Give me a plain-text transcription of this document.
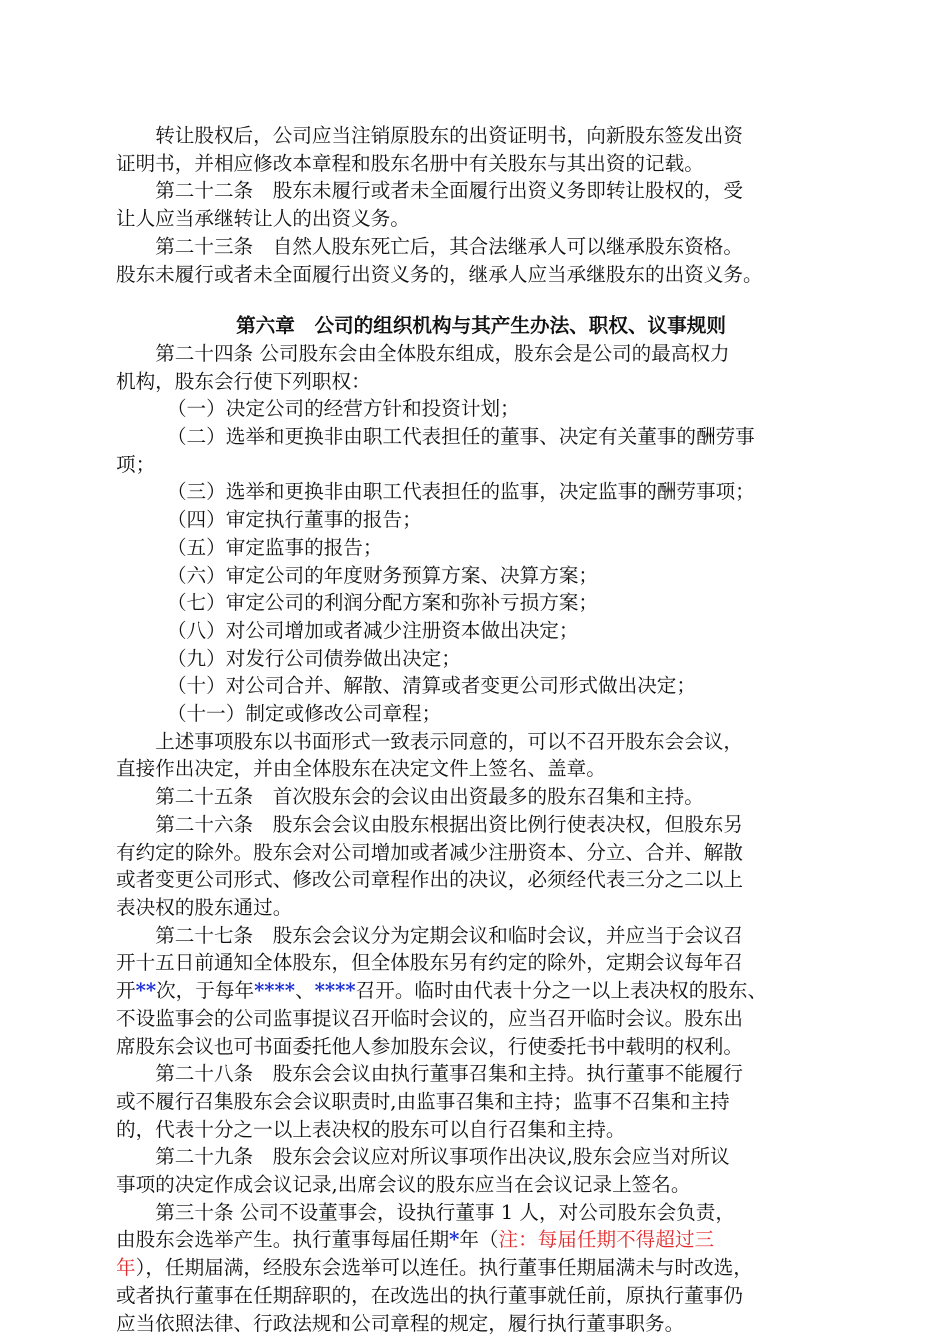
转让股权后，公司应当注销原股东的出资证明书，向新股东签发出资
证明书，并相应修改本章程和股东名册中有关股东与其出资的记载。

第二十二条　股东未履行或者未全面履行出资义务即转让股权的，受
让人应当承继转让人的出资义务。

第二十三条　自然人股东死亡后，其合法继承人可以继承股东资格。
股东未履行或者未全面履行出资义务的，继承人应当承继股东的出资义务。

第六章　公司的组织机构与其产生办法、职权、议事规则

第二十四条 公司股东会由全体股东组成，股东会是公司的最高权力
机构，股东会行使下列职权：

（一）决定公司的经营方针和投资计划；

（二）选举和更换非由职工代表担任的董事、决定有关董事的酬劳事
项；

（三）选举和更换非由职工代表担任的监事，决定监事的酬劳事项；

（四）审定执行董事的报告；

（五）审定监事的报告；

（六）审定公司的年度财务预算方案、决算方案；

（七）审定公司的利润分配方案和弥补亏损方案；

（八）对公司增加或者减少注册资本做出决定；

（九）对发行公司债券做出决定；

（十）对公司合并、解散、清算或者变更公司形式做出决定；

（十一）制定或修改公司章程；

上述事项股东以书面形式一致表示同意的，可以不召开股东会会议，
直接作出决定，并由全体股东在决定文件上签名、盖章。

第二十五条　首次股东会的会议由出资最多的股东召集和主持。

第二十六条　股东会会议由股东根据出资比例行使表决权，但股东另
有约定的除外。股东会对公司增加或者减少注册资本、分立、合并、解散
或者变更公司形式、修改公司章程作出的决议，必须经代表三分之二以上
表决权的股东通过。

第二十七条　股东会会议分为定期会议和临时会议，并应当于会议召
开十五日前通知全体股东，但全体股东另有约定的除外，定期会议每年召
开**次，于每年****、****召开。临时由代表十分之一以上表决权的股东、
不设监事会的公司监事提议召开临时会议的，应当召开临时会议。股东出
席股东会议也可书面委托他人参加股东会议，行使委托书中载明的权利。

第二十八条　股东会会议由执行董事召集和主持。执行董事不能履行
或不履行召集股东会会议职责时,由监事召集和主持；监事不召集和主持
的，代表十分之一以上表决权的股东可以自行召集和主持。

第二十九条　股东会会议应对所议事项作出决议,股东会应当对所议
事项的决定作成会议记录,出席会议的股东应当在会议记录上签名。

第三十条 公司不设董事会，设执行董事 1 人，对公司股东会负责，
由股东会选举产生。执行董事每届任期*年（注：每届任期不得超过三
年），任期届满，经股东会选举可以连任。执行董事任期届满未与时改选，
或者执行董事在任期辞职的，在改选出的执行董事就任前，原执行董事仍
应当依照法律、行政法规和公司章程的规定，履行执行董事职务。
